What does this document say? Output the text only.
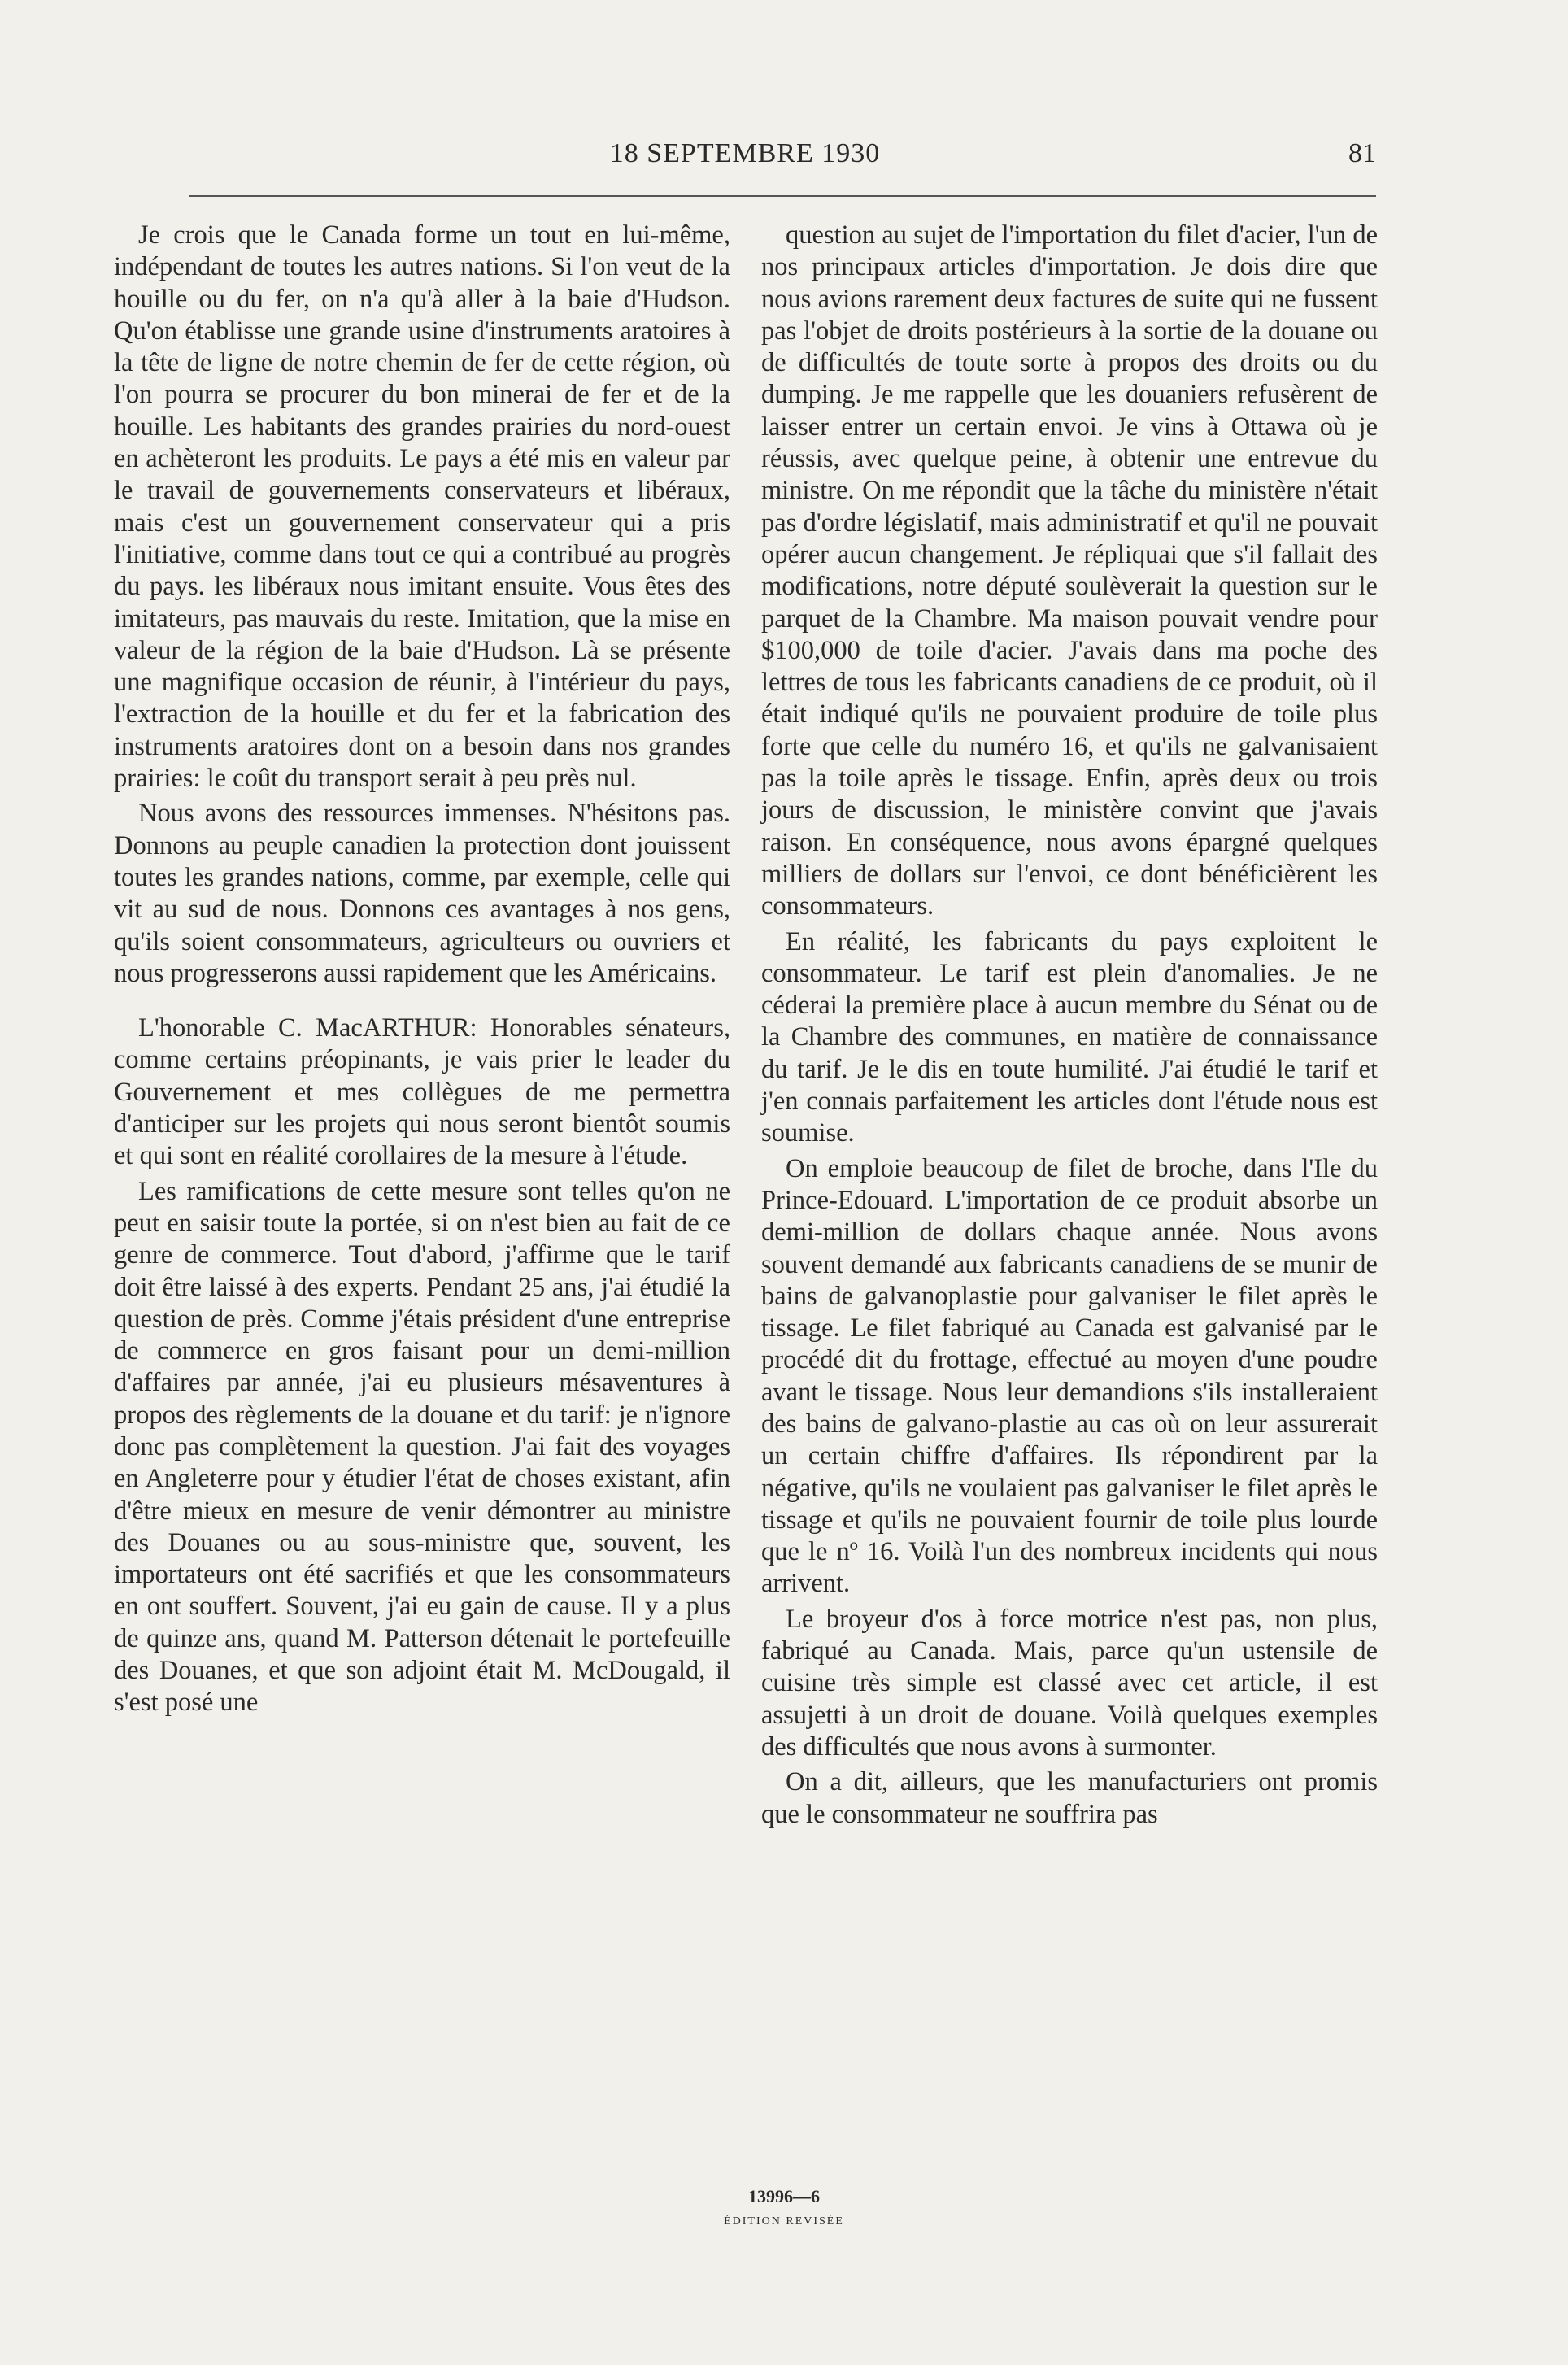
18 SEPTEMBRE 1930	81

Je crois que le Canada forme un tout en lui-même, indépendant de toutes les autres nations. Si l'on veut de la houille ou du fer, on n'a qu'à aller à la baie d'Hudson. Qu'on établisse une grande usine d'instruments aratoires à la tête de ligne de notre chemin de fer de cette région, où l'on pourra se procurer du bon minerai de fer et de la houille. Les habitants des grandes prairies du nord-ouest en achèteront les produits. Le pays a été mis en valeur par le travail de gouvernements conservateurs et libéraux, mais c'est un gouvernement conservateur qui a pris l'initiative, comme dans tout ce qui a contribué au progrès du pays. les libéraux nous imitant ensuite. Vous êtes des imitateurs, pas mauvais du reste. Imitation, que la mise en valeur de la région de la baie d'Hudson. Là se présente une magnifique occasion de réunir, à l'intérieur du pays, l'extraction de la houille et du fer et la fabrication des instruments aratoires dont on a besoin dans nos grandes prairies: le coût du transport serait à peu près nul.

Nous avons des ressources immenses. N'hésitons pas. Donnons au peuple canadien la protection dont jouissent toutes les grandes nations, comme, par exemple, celle qui vit au sud de nous. Donnons ces avantages à nos gens, qu'ils soient consommateurs, agriculteurs ou ouvriers et nous progresserons aussi rapidement que les Américains.

L'honorable C. MacARTHUR: Honorables sénateurs, comme certains préopinants, je vais prier le leader du Gouvernement et mes collègues de me permettra d'anticiper sur les projets qui nous seront bientôt soumis et qui sont en réalité corollaires de la mesure à l'étude.

Les ramifications de cette mesure sont telles qu'on ne peut en saisir toute la portée, si on n'est bien au fait de ce genre de commerce. Tout d'abord, j'affirme que le tarif doit être laissé à des experts. Pendant 25 ans, j'ai étudié la question de près. Comme j'étais président d'une entreprise de commerce en gros faisant pour un demi-million d'affaires par année, j'ai eu plusieurs mésaventures à propos des règlements de la douane et du tarif: je n'ignore donc pas complètement la question. J'ai fait des voyages en Angleterre pour y étudier l'état de choses existant, afin d'être mieux en mesure de venir démontrer au ministre des Douanes ou au sous-ministre que, souvent, les importateurs ont été sacrifiés et que les consommateurs en ont souffert. Souvent, j'ai eu gain de cause. Il y a plus de quinze ans, quand M. Patterson détenait le portefeuille des Douanes, et que son adjoint était M. McDougald, il s'est posé une

question au sujet de l'importation du filet d'acier, l'un de nos principaux articles d'importation. Je dois dire que nous avions rarement deux factures de suite qui ne fussent pas l'objet de droits postérieurs à la sortie de la douane ou de difficultés de toute sorte à propos des droits ou du dumping. Je me rappelle que les douaniers refusèrent de laisser entrer un certain envoi. Je vins à Ottawa où je réussis, avec quelque peine, à obtenir une entrevue du ministre. On me répondit que la tâche du ministère n'était pas d'ordre législatif, mais administratif et qu'il ne pouvait opérer aucun changement. Je répliquai que s'il fallait des modifications, notre député soulèverait la question sur le parquet de la Chambre. Ma maison pouvait vendre pour $100,000 de toile d'acier. J'avais dans ma poche des lettres de tous les fabricants canadiens de ce produit, où il était indiqué qu'ils ne pouvaient produire de toile plus forte que celle du numéro 16, et qu'ils ne galvanisaient pas la toile après le tissage. Enfin, après deux ou trois jours de discussion, le ministère convint que j'avais raison. En conséquence, nous avons épargné quelques milliers de dollars sur l'envoi, ce dont bénéficièrent les consommateurs.

En réalité, les fabricants du pays exploitent le consommateur. Le tarif est plein d'anomalies. Je ne céderai la première place à aucun membre du Sénat ou de la Chambre des communes, en matière de connaissance du tarif. Je le dis en toute humilité. J'ai étudié le tarif et j'en connais parfaitement les articles dont l'étude nous est soumise.

On emploie beaucoup de filet de broche, dans l'Ile du Prince-Edouard. L'importation de ce produit absorbe un demi-million de dollars chaque année. Nous avons souvent demandé aux fabricants canadiens de se munir de bains de galvanoplastie pour galvaniser le filet après le tissage. Le filet fabriqué au Canada est galvanisé par le procédé dit du frottage, effectué au moyen d'une poudre avant le tissage. Nous leur demandions s'ils installeraient des bains de galvano-plastie au cas où on leur assurerait un certain chiffre d'affaires. Ils répondirent par la négative, qu'ils ne voulaient pas galvaniser le filet après le tissage et qu'ils ne pouvaient fournir de toile plus lourde que le nº 16. Voilà l'un des nombreux incidents qui nous arrivent.

Le broyeur d'os à force motrice n'est pas, non plus, fabriqué au Canada. Mais, parce qu'un ustensile de cuisine très simple est classé avec cet article, il est assujetti à un droit de douane. Voilà quelques exemples des difficultés que nous avons à surmonter.

On a dit, ailleurs, que les manufacturiers ont promis que le consommateur ne souffrira pas

13996—6
ÉDITION REVISÉE
